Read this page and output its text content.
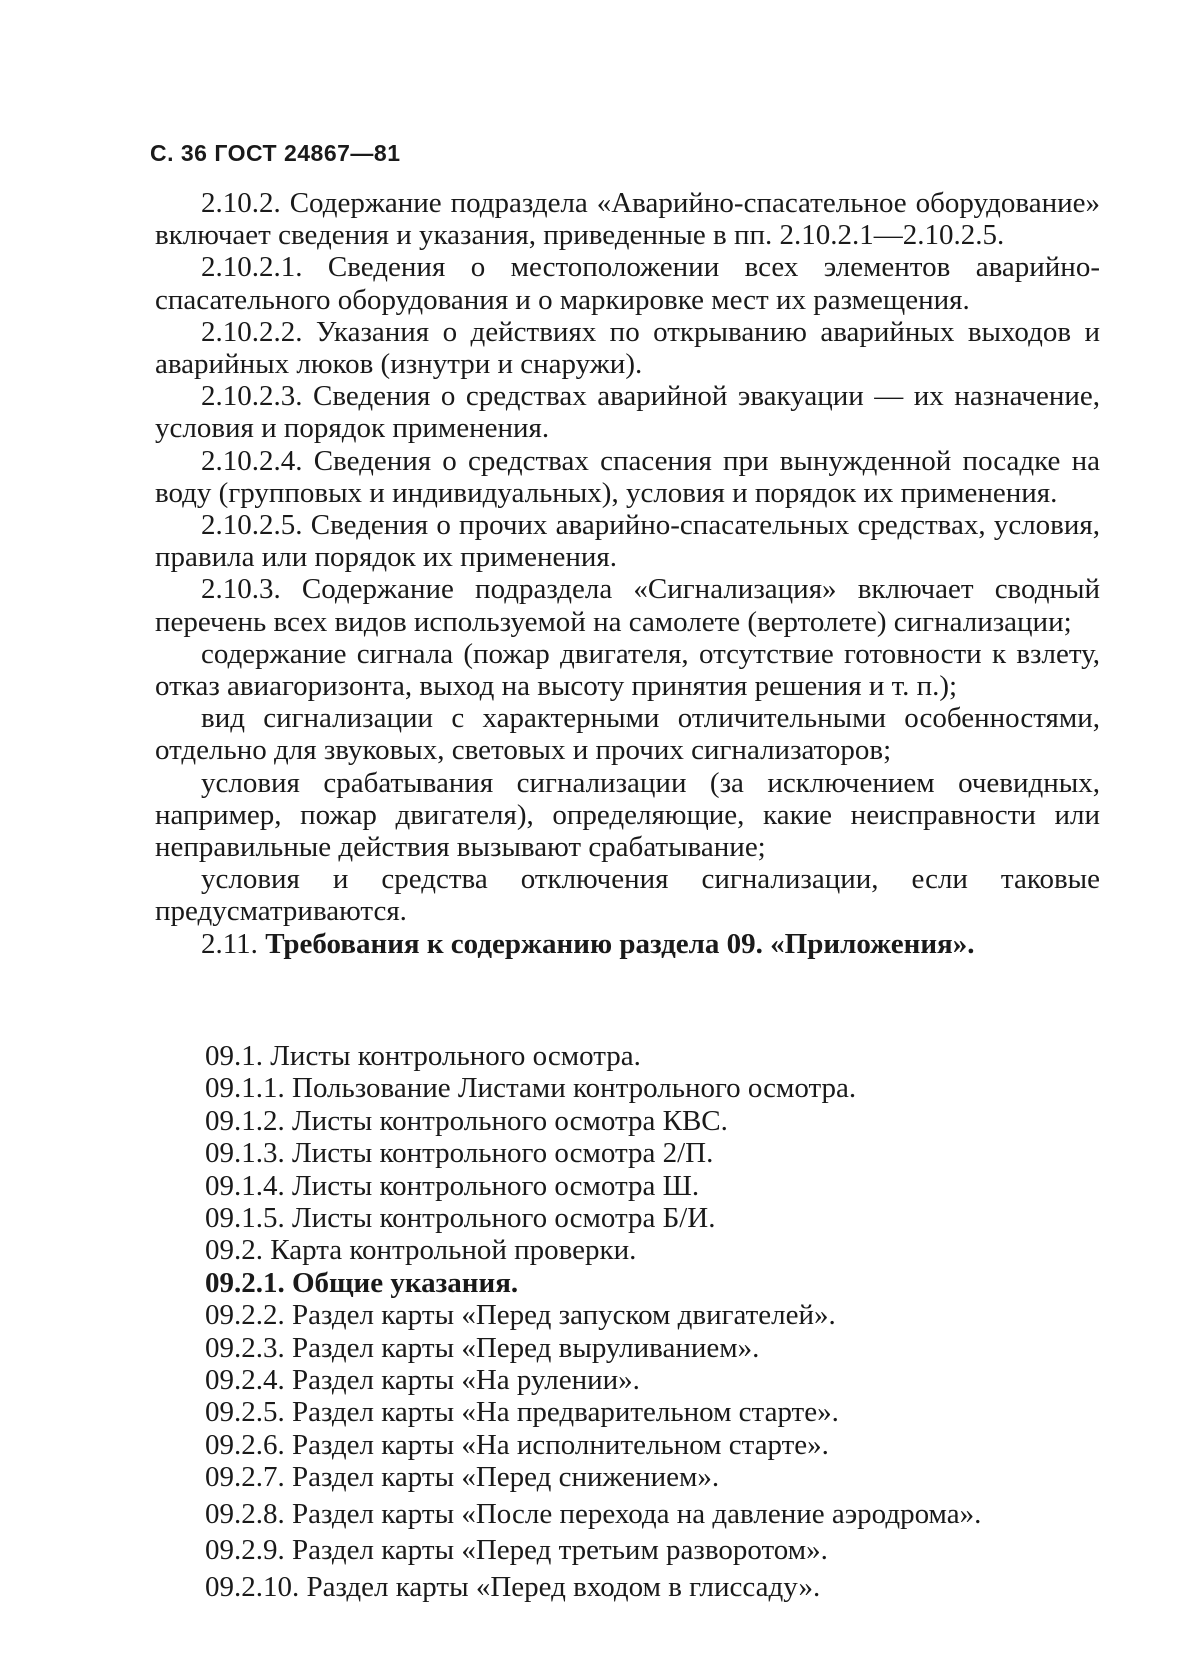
С. 36 ГОСТ 24867—81

2.10.2. Содержание подраздела «Аварийно-спасательное оборудование» включает сведения и указания, приведенные в пп. 2.10.2.1—2.10.2.5.

2.10.2.1. Сведения о местоположении всех элементов аварийно-спасательного оборудования и о маркировке мест их размещения.

2.10.2.2. Указания о действиях по открыванию аварийных выходов и аварийных люков (изнутри и снаружи).

2.10.2.3. Сведения о средствах аварийной эвакуации — их назначение, условия и порядок применения.

2.10.2.4. Сведения о средствах спасения при вынужденной посадке на воду (групповых и индивидуальных), условия и порядок их применения.

2.10.2.5. Сведения о прочих аварийно-спасательных средствах, условия, правила или порядок их применения.

2.10.3. Содержание подраздела «Сигнализация» включает сводный перечень всех видов используемой на самолете (вертолете) сигнализации;

содержание сигнала (пожар двигателя, отсутствие готовности к взлету, отказ авиагоризонта, выход на высоту принятия решения и т. п.);

вид сигнализации с характерными отличительными особенностями, отдельно для звуковых, световых и прочих сигнализаторов;

условия срабатывания сигнализации (за исключением очевидных, например, пожар двигателя), определяющие, какие неисправности или неправильные действия вызывают срабатывание;

условия и средства отключения сигнализации, если таковые предусматриваются.

2.11. Требования к содержанию раздела 09. «Приложения».

09.1. Листы контрольного осмотра.

09.1.1. Пользование Листами контрольного осмотра.

09.1.2. Листы контрольного осмотра КВС.

09.1.3. Листы контрольного осмотра 2/П.

09.1.4. Листы контрольного осмотра Ш.

09.1.5. Листы контрольного осмотра Б/И.

09.2. Карта контрольной проверки.

09.2.1. Общие указания.

09.2.2. Раздел карты «Перед запуском двигателей».

09.2.3. Раздел карты «Перед выруливанием».

09.2.4. Раздел карты «На рулении».

09.2.5. Раздел карты «На предварительном старте».

09.2.6. Раздел карты «На исполнительном старте».

09.2.7. Раздел карты «Перед снижением».

09.2.8. Раздел карты «После перехода на давление аэродрома».

09.2.9. Раздел карты «Перед третьим разворотом».

09.2.10. Раздел карты «Перед входом в глиссаду».
